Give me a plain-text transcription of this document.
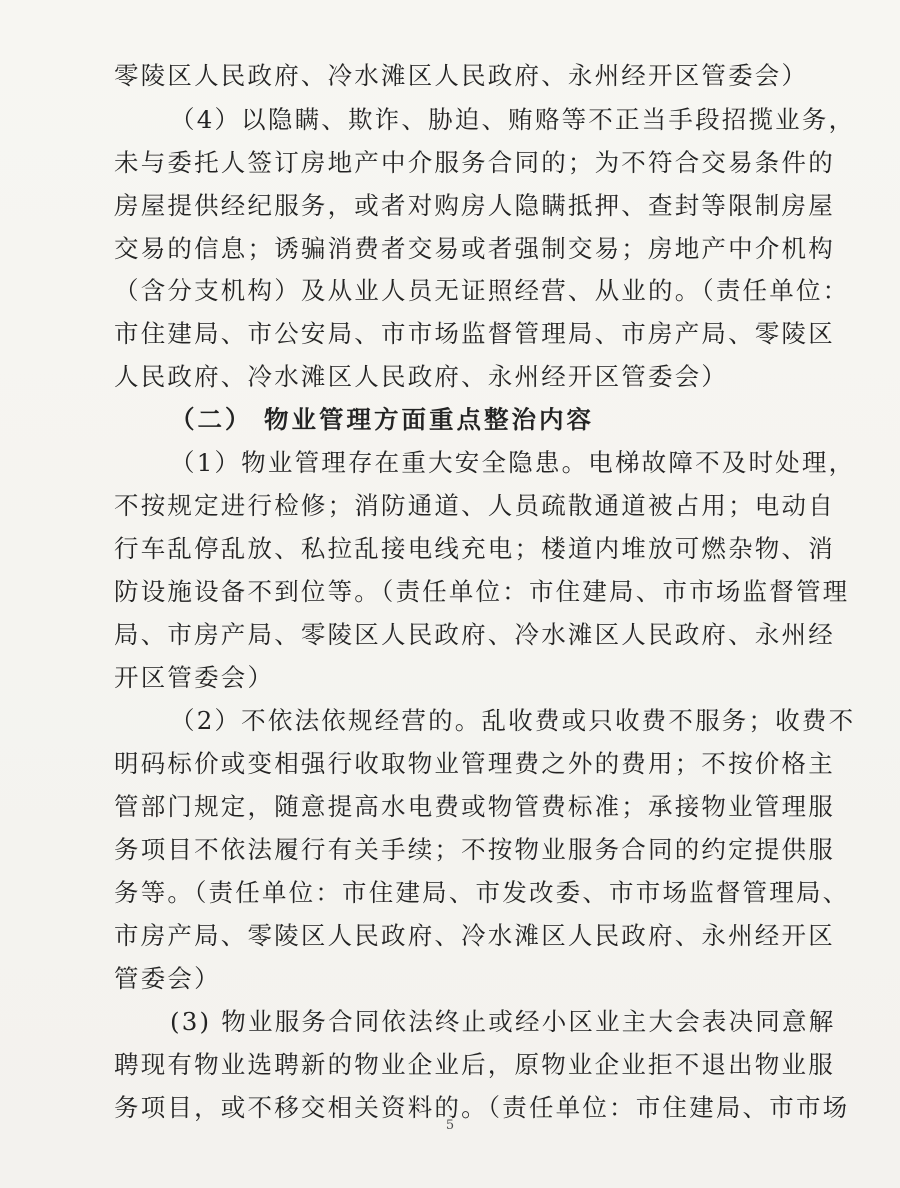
零陵区人民政府、冷水滩区人民政府、永州经开区管委会）
（4）以隐瞒、欺诈、胁迫、贿赂等不正当手段招揽业务，
未与委托人签订房地产中介服务合同的；为不符合交易条件的
房屋提供经纪服务，或者对购房人隐瞒抵押、查封等限制房屋
交易的信息；诱骗消费者交易或者强制交易；房地产中介机构
（含分支机构）及从业人员无证照经营、从业的。（责任单位：
市住建局、市公安局、市市场监督管理局、市房产局、零陵区
人民政府、冷水滩区人民政府、永州经开区管委会）
（二） 物业管理方面重点整治内容
（1）物业管理存在重大安全隐患。电梯故障不及时处理，
不按规定进行检修；消防通道、人员疏散通道被占用；电动自
行车乱停乱放、私拉乱接电线充电；楼道内堆放可燃杂物、消
防设施设备不到位等。（责任单位：市住建局、市市场监督管理
局、市房产局、零陵区人民政府、冷水滩区人民政府、永州经
开区管委会）
（2）不依法依规经营的。乱收费或只收费不服务；收费不
明码标价或变相强行收取物业管理费之外的费用；不按价格主
管部门规定，随意提高水电费或物管费标准；承接物业管理服
务项目不依法履行有关手续；不按物业服务合同的约定提供服
务等。（责任单位：市住建局、市发改委、市市场监督管理局、
市房产局、零陵区人民政府、冷水滩区人民政府、永州经开区
管委会）
(3) 物业服务合同依法终止或经小区业主大会表决同意解
聘现有物业选聘新的物业企业后，原物业企业拒不退出物业服
务项目，或不移交相关资料的。（责任单位：市住建局、市市场
5
